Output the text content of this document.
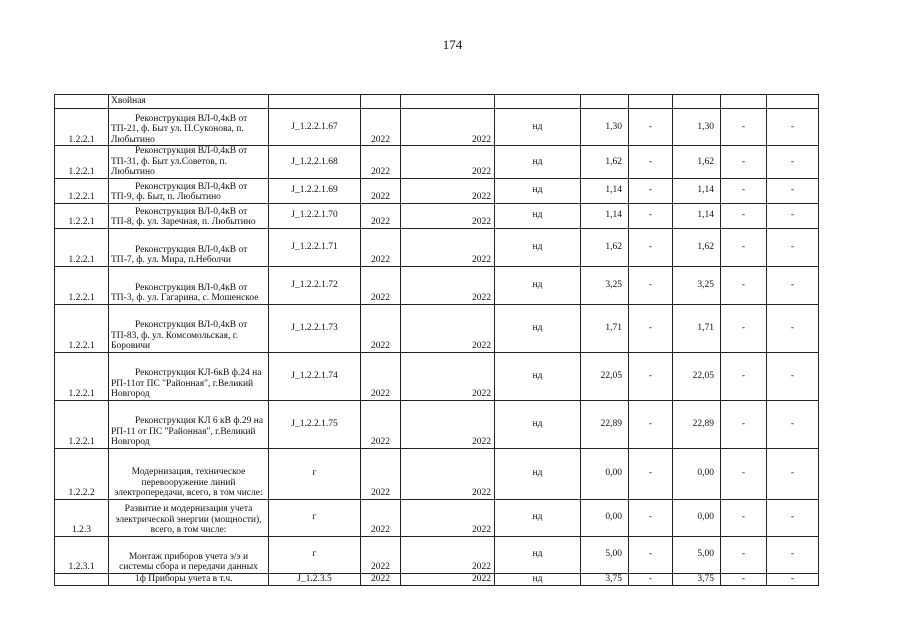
174
	Хвойная									
1.2.2.1	Реконструкция ВЛ-0,4кВ от ТП-21, ф. Быт ул. П.Суконова, п. Любытино	J_1.2.2.1.67	2022	2022	нд	1,30	-	1,30	-	-
1.2.2.1	Реконструкция ВЛ-0,4кВ от ТП-31, ф. Быт ул.Советов, п. Любытино	J_1.2.2.1.68	2022	2022	нд	1,62	-	1,62	-	-
1.2.2.1	Реконструкция ВЛ-0,4кВ от ТП-9, ф. Быт, п. Любытино	J_1.2.2.1.69	2022	2022	нд	1,14	-	1,14	-	-
1.2.2.1	Реконструкция ВЛ-0,4кВ от ТП-8, ф. ул. Заречная, п. Любытино	J_1.2.2.1.70	2022	2022	нд	1,14	-	1,14	-	-
1.2.2.1	Реконструкция ВЛ-0,4кВ от ТП-7, ф. ул. Мира, п.Неболчи	J_1.2.2.1.71	2022	2022	нд	1,62	-	1,62	-	-
1.2.2.1	Реконструкция ВЛ-0,4кВ от ТП-3, ф. ул. Гагарина, с. Мошенское	J_1.2.2.1.72	2022	2022	нд	3,25	-	3,25	-	-
1.2.2.1	Реконструкция ВЛ-0,4кВ от ТП-83, ф. ул. Комсомольская, г. Боровичи	J_1.2.2.1.73	2022	2022	нд	1,71	-	1,71	-	-
1.2.2.1	Реконструкция КЛ-6кВ ф.24 на РП-11от ПС "Районная", г.Великий Новгород	J_1.2.2.1.74	2022	2022	нд	22,05	-	22,05	-	-
1.2.2.1	Реконструкция КЛ 6 кВ ф.29 на РП-11 от ПС "Районная", г.Великий Новгород	J_1.2.2.1.75	2022	2022	нд	22,89	-	22,89	-	-
1.2.2.2	Модернизация, техническое перевооружение линий электропередачи, всего, в том числе:	г	2022	2022	нд	0,00	-	0,00	-	-
1.2.3	Развитие и модернизация учета электрической энергии (мощности), всего, в том числе:	г	2022	2022	нд	0,00	-	0,00	-	-
1.2.3.1	Монтаж приборов учета э/э и системы сбора и передачи данных	г	2022	2022	нд	5,00	-	5,00	-	-

	1ф Приборы учета в т.ч.	J_1.2.3.5	2022	2022	нд	3,75	-	3,75	-	-
